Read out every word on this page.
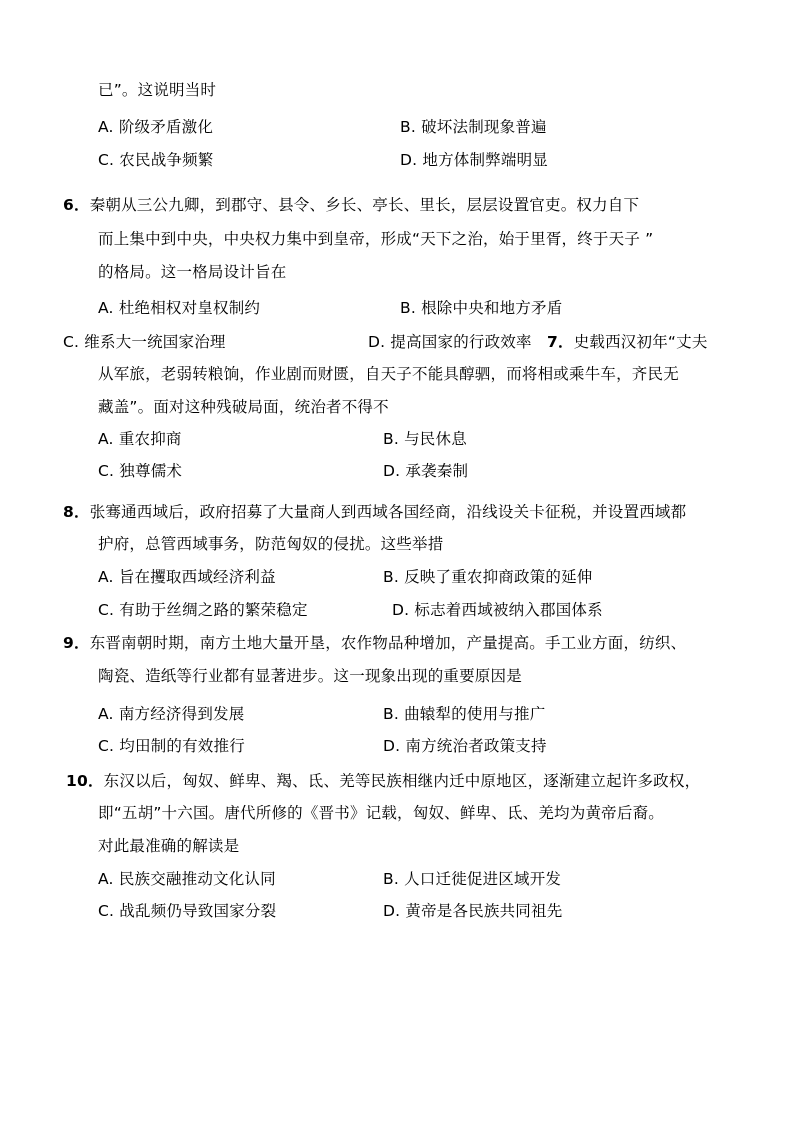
已”。这说明当时
A. 阶级矛盾激化	B. 破坏法制现象普遍
C. 农民战争频繁	D. 地方体制弊端明显
6．秦朝从三公九卿，到郡守、县令、乡长、亭长、里长，层层设置官吏。权力自下
而上集中到中央，中央权力集中到皇帝，形成“天下之治，始于里胥，终于天子 ”
的格局。这一格局设计旨在
A. 杜绝相权对皇权制约	B. 根除中央和地方矛盾
C. 维系大一统国家治理	D. 提高国家的行政效率 7．史载西汉初年“丈夫
从军旅，老弱转粮饷，作业剧而财匮，自天子不能具醇驷，而将相或乘牛车，齐民无
藏盖”。面对这种残破局面，统治者不得不
A. 重农抑商	B. 与民休息
C. 独尊儒术	D. 承袭秦制
8．张骞通西域后，政府招募了大量商人到西域各国经商，沿线设关卡征税，并设置西域都
护府，总管西域事务，防范匈奴的侵扰。这些举措
A. 旨在攫取西域经济利益	B. 反映了重农抑商政策的延伸
C. 有助于丝绸之路的繁荣稳定	D. 标志着西域被纳入郡国体系
9．东晋南朝时期，南方土地大量开垦，农作物品种增加，产量提高。手工业方面，纺织、
陶瓷、造纸等行业都有显著进步。这一现象出现的重要原因是
A. 南方经济得到发展	B. 曲辕犁的使用与推广
C. 均田制的有效推行	D. 南方统治者政策支持
10．东汉以后，匈奴、鲜卑、羯、氐、羌等民族相继内迁中原地区，逐渐建立起许多政权，
即“五胡”十六国。唐代所修的《晋书》记载，匈奴、鲜卑、氐、羌均为黄帝后裔。
对此最准确的解读是
A. 民族交融推动文化认同	B. 人口迁徙促进区域开发
C. 战乱频仍导致国家分裂	D. 黄帝是各民族共同祖先
